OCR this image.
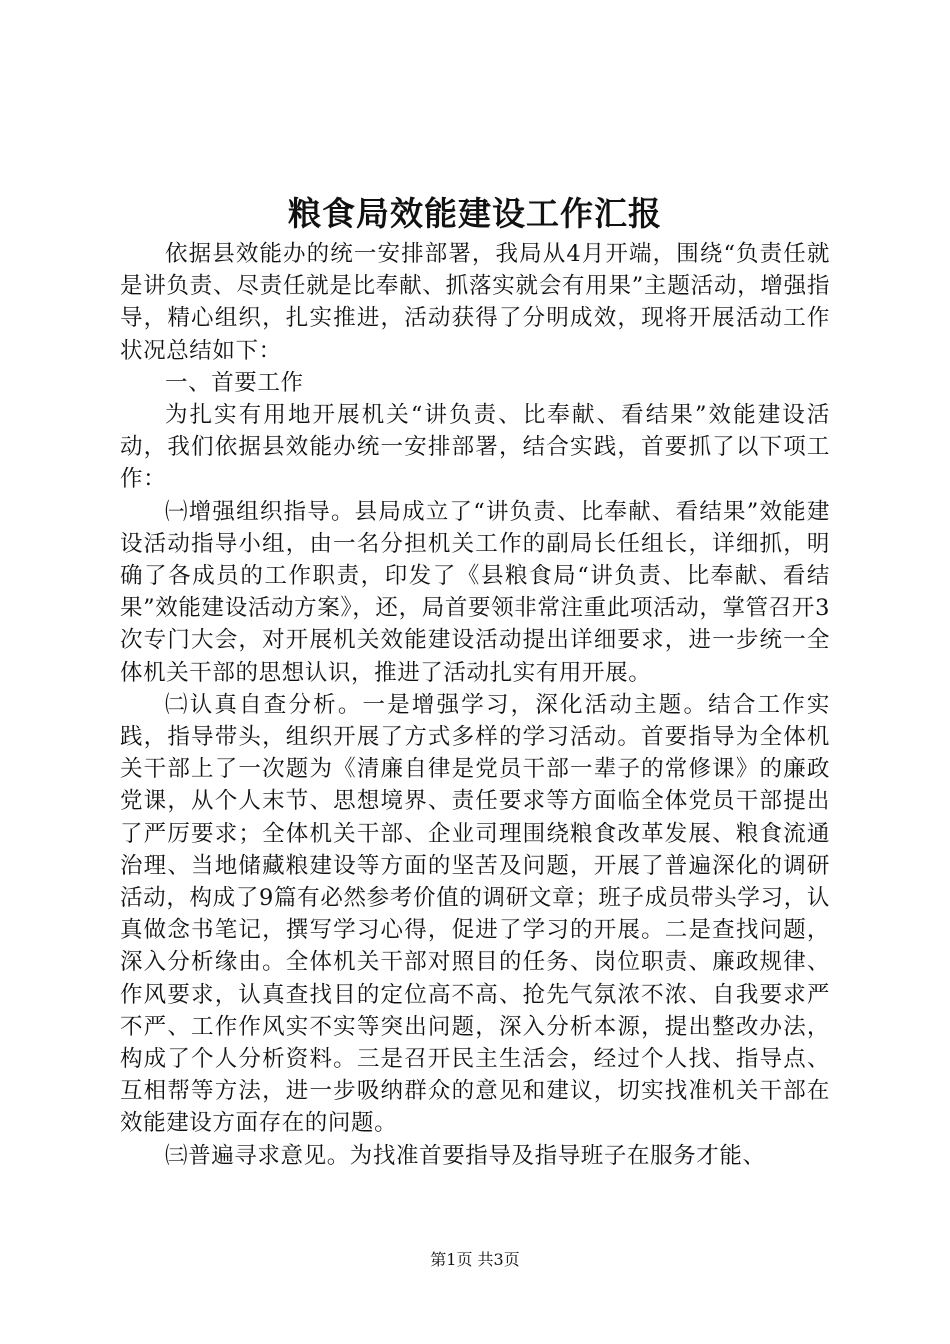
粮食局效能建设工作汇报

依据县效能办的统一安排部署，我局从4月开端，围绕“负责任就是讲负责、尽责任就是比奉献、抓落实就会有用果”主题活动，增强指导，精心组织，扎实推进，活动获得了分明成效，现将开展活动工作状况总结如下：

一、首要工作

为扎实有用地开展机关“讲负责、比奉献、看结果”效能建设活动，我们依据县效能办统一安排部署，结合实践，首要抓了以下项工作：

㈠增强组织指导。县局成立了“讲负责、比奉献、看结果”效能建设活动指导小组，由一名分担机关工作的副局长任组长，详细抓，明确了各成员的工作职责，印发了《县粮食局“讲负责、比奉献、看结果”效能建设活动方案》，还，局首要领非常注重此项活动，掌管召开3次专门大会，对开展机关效能建设活动提出详细要求，进一步统一全体机关干部的思想认识，推进了活动扎实有用开展。

㈡认真自查分析。一是增强学习，深化活动主题。结合工作实践，指导带头，组织开展了方式多样的学习活动。首要指导为全体机关干部上了一次题为《清廉自律是党员干部一辈子的常修课》的廉政党课，从个人末节、思想境界、责任要求等方面临全体党员干部提出了严厉要求；全体机关干部、企业司理围绕粮食改革发展、粮食流通治理、当地储藏粮建设等方面的坚苦及问题，开展了普遍深化的调研活动，构成了9篇有必然参考价值的调研文章；班子成员带头学习，认真做念书笔记，撰写学习心得，促进了学习的开展。二是查找问题，深入分析缘由。全体机关干部对照目的任务、岗位职责、廉政规律、作风要求，认真查找目的定位高不高、抢先气氛浓不浓、自我要求严不严、工作作风实不实等突出问题，深入分析本源，提出整改办法，构成了个人分析资料。三是召开民主生活会，经过个人找、指导点、互相帮等方法，进一步吸纳群众的意见和建议，切实找准机关干部在效能建设方面存在的问题。

㈢普遍寻求意见。为找准首要指导及指导班子在服务才能、

第1页 共3页
